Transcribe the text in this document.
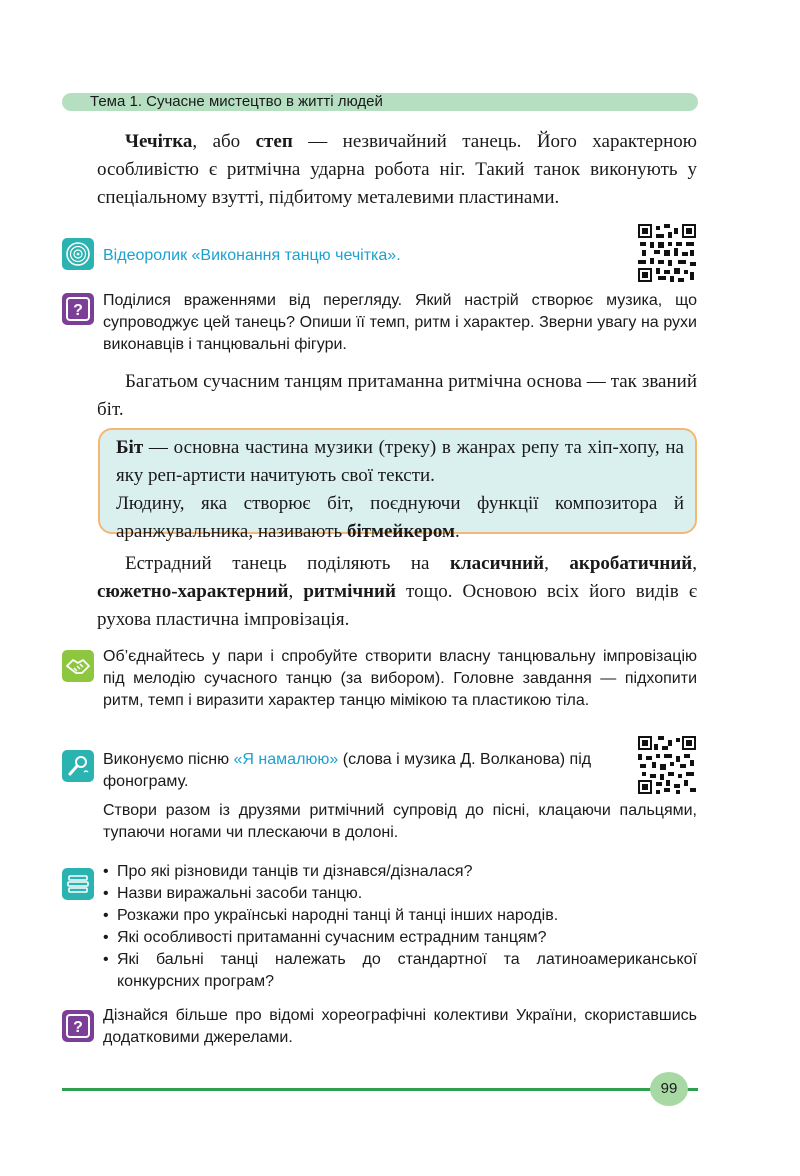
Тема 1. Сучасне мистецтво в житті людей
Чечітка, або степ — незвичайний танець. Його характерною особливістю є ритмічна ударна робота ніг. Такий танок виконують у спеціальному взутті, підбитому металевими пластинами.
Відеоролик «Виконання танцю чечітка».
?
Поділися враженнями від перегляду. Який настрій створює музика, що супроводжує цей танець? Опиши її темп, ритм і характер. Зверни увагу на рухи виконавців і танцювальні фігури.
Багатьом сучасним танцям притаманна ритмічна основа — так званий біт.
Біт — основна частина музики (треку) в жанрах репу та хіп-хопу, на яку реп-артисти начитують свої тексти.
Людину, яка створює біт, поєднуючи функції композитора й аранжувальника, називають бітмейкером.
Естрадний танець поділяють на класичний, акробатичний, сюжетно-характерний, ритмічний тощо. Основою всіх його видів є рухова пластична імпровізація.
Об’єднайтесь у пари і спробуйте створити власну танцювальну імпровізацію під мелодію сучасного танцю (за вибором). Головне завдання — підхопити ритм, темп і виразити характер танцю мімікою та пластикою тіла.
Виконуємо пісню «Я намалюю» (слова і музика Д. Волканова) під фонограму.
Створи разом із друзями ритмічний супровід до пісні, клацаючи пальцями, тупаючи ногами чи плескаючи в долоні.
• Про які різновиди танців ти дізнався/дізналася?
• Назви виражальні засоби танцю.
• Розкажи про українські народні танці й танці інших народів.
• Які особливості притаманні сучасним естрадним танцям?
• Які бальні танці належать до стандартної та латиноамериканської конкурсних програм?
?
Дізнайся більше про відомі хореографічні колективи України, скориставшись додатковими джерелами.
99
